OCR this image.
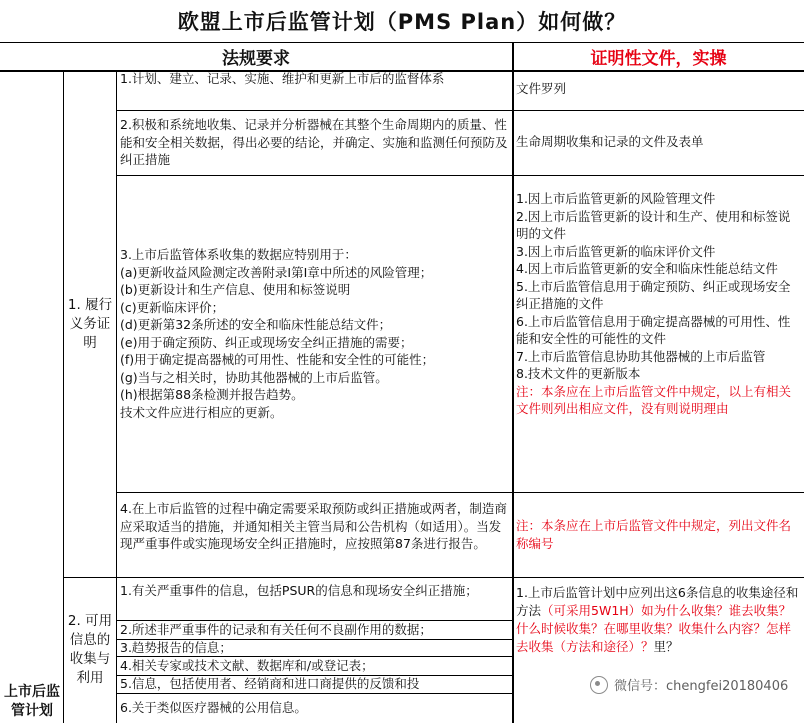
欧盟上市后监管计划（PMS Plan）如何做？
法规要求	证明性文件，实操
上市后监管计划
1. 履行义务证明
2. 可用信息的收集与利用

1.计划、建立、记录、实施、维护和更新上市后的监督体系

文件罗列

2.积极和系统地收集、记录并分析器械在其整个生命周期内的质量、性能和安全相关数据，得出必要的结论，并确定、实施和监测任何预防及纠正措施

生命周期收集和记录的文件及表单

3.上市后监管体系收集的数据应特别用于：

(a)更新收益风险测定改善附录I第I章中所述的风险管理；

(b)更新设计和生产信息、使用和标签说明

(c)更新临床评价；

(d)更新第32条所述的安全和临床性能总结文件；

(e)用于确定预防、纠正或现场安全纠正措施的需要；

(f)用于确定提高器械的可用性、性能和安全性的可能性；

(g)当与之相关时，协助其他器械的上市后监管。

(h)根据第88条检测并报告趋势。

技术文件应进行相应的更新。

1.因上市后监管更新的风险管理文件

2.因上市后监管更新的设计和生产、使用和标签说明的文件

3.因上市后监管更新的临床评价文件

4.因上市后监管更新的安全和临床性能总结文件

5.上市后监管信息用于确定预防、纠正或现场安全纠正措施的文件

6.上市后监管信息用于确定提高器械的可用性、性能和安全性的可能性的文件

7.上市后监管信息协助其他器械的上市后监管

8.技术文件的更新版本

注：本条应在上市后监管文件中规定，以上有相关文件则列出相应文件，没有则说明理由

4.在上市后监管的过程中确定需要采取预防或纠正措施或两者，制造商应采取适当的措施，并通知相关主管当局和公告机构（如适用）。当发现严重事件或实施现场安全纠正措施时，应按照第87条进行报告。

注：本条应在上市后监管文件中规定，列出文件名称编号

1.有关严重事件的信息，包括PSUR的信息和现场安全纠正措施；

2.所述非严重事件的记录和有关任何不良副作用的数据；

3.趋势报告的信息；

4.相关专家或技术文献、数据库和/或登记表；

5.信息，包括使用者、经销商和进口商提供的反馈和投

6.关于类似医疗器械的公用信息。

1.上市后监管计划中应列出这6条信息的收集途径和方法（可采用5W1H）如为什么收集？谁去收集？什么时候收集？在哪里收集？收集什么内容？怎样去收集（方法和途径）？里？
微信号：chengfei20180406
